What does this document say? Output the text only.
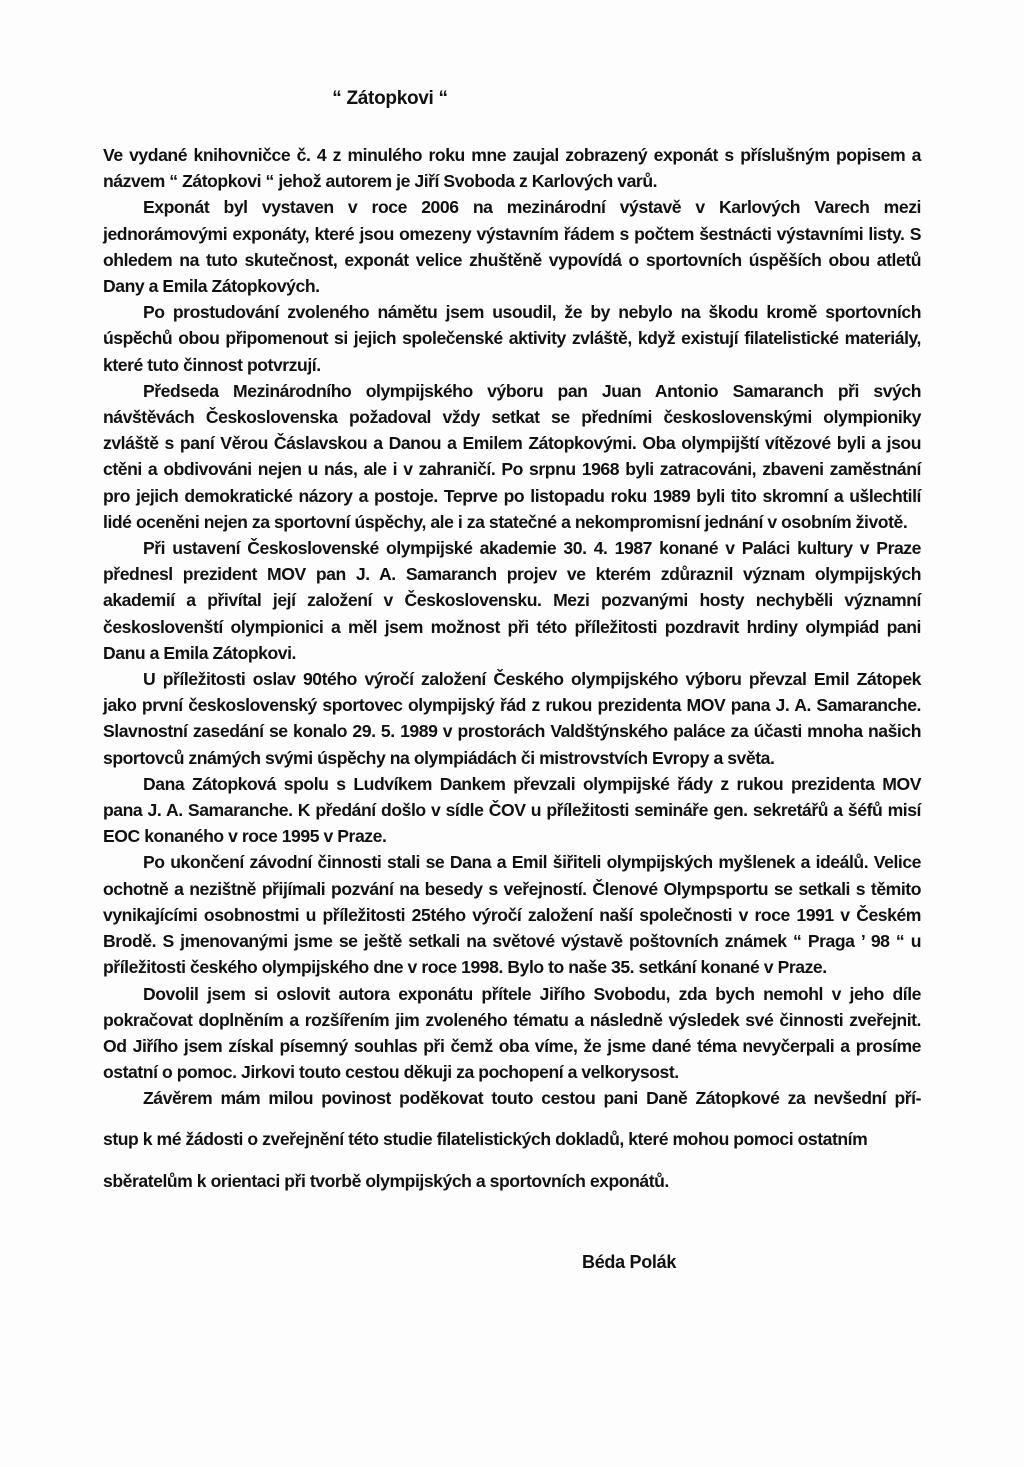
“ Zátopkovi “

Ve vydané knihovničce č. 4 z minulého roku mne zaujal zobrazený exponát s příslušným popisem a názvem “ Zátopkovi “ jehož autorem je Jiří Svoboda z Karlových varů.

Exponát byl vystaven v roce 2006 na mezinárodní výstavě v Karlových Varech mezi jednorámovými exponáty, které jsou omezeny výstavním řádem s počtem šestnácti výstavními listy. S ohledem na tuto skutečnost, exponát velice zhuštěně vypovídá o sportovních úspěších obou atletů Dany a Emila Zátopkových.

Po prostudování zvoleného námětu jsem usoudil, že by nebylo na škodu kromě sportovních úspěchů obou připomenout si jejich společenské aktivity zvláště, když existují filatelistické materiály, které tuto činnost potvrzují.

Předseda Mezinárodního olympijského výboru pan Juan Antonio Samaranch při svých návštěvách Československa požadoval vždy setkat se předními československými olympioniky zvláště s paní Věrou Čáslavskou a Danou a Emilem Zátopkovými. Oba olympijští vítězové byli a jsou ctěni a obdivováni nejen u nás, ale i v zahraničí. Po srpnu 1968 byli zatracováni, zbaveni zaměstnání pro jejich demokratické názory a postoje. Teprve po listopadu roku 1989 byli tito skromní a ušlechtilí lidé oceněni nejen za sportovní úspěchy, ale i za statečné a nekompromisní jednání v osobním životě.

Při ustavení Československé olympijské akademie 30. 4. 1987 konané v Paláci kultury v Praze přednesl prezident MOV pan J. A. Samaranch projev ve kterém zdůraznil význam olympijských akademií a přivítal její založení v Československu. Mezi pozvanými hosty nechyběli významní českoslovenští olympionici a měl jsem možnost při této příležitosti pozdravit hrdiny olympiád pani Danu a Emila Zátopkovi.

U příležitosti oslav 90tého výročí založení Českého olympijského výboru převzal Emil Zátopek jako první československý sportovec olympijský řád z rukou prezidenta MOV pana J. A. Samaranche. Slavnostní zasedání se konalo 29. 5. 1989 v prostorách Valdštýnského paláce za účasti mnoha našich sportovců známých svými úspěchy na olympiádách či mistrovstvích Evropy a světa.

Dana Zátopková spolu s Ludvíkem Dankem převzali olympijské řády z rukou prezidenta MOV pana J. A. Samaranche. K předání došlo v sídle ČOV u příležitosti semináře gen. sekretářů a šéfů misí EOC konaného v roce 1995 v Praze.

Po ukončení závodní činnosti stali se Dana a Emil šiřiteli olympijských myšlenek a ideálů. Velice ochotně a nezištně přijímali pozvání na besedy s veřejností. Členové Olympsportu se setkali s těmito vynikajícími osobnostmi u příležitosti 25tého výročí založení naší společnosti v roce 1991 v Českém Brodě. S jmenovanými jsme se ještě setkali na světové výstavě poštovních známek “ Praga ’ 98 “ u příležitosti českého olympijského dne v roce 1998. Bylo to naše 35. setkání konané v Praze.

Dovolil jsem si oslovit autora exponátu přítele Jiřího Svobodu, zda bych nemohl v jeho díle pokračovat doplněním a rozšířením jim zvoleného tématu a následně výsledek své činnosti zveřejnit. Od Jiřího jsem získal písemný souhlas při čemž oba víme, že jsme dané téma nevyčerpali a prosíme ostatní o pomoc. Jirkovi touto cestou děkuji za pochopení a velkorysost.

Závěrem mám milou povinost poděkovat touto cestou pani Daně Zátopkové za nevšední pří-

stup k mé žádosti o zveřejnění této studie filatelistických dokladů, které mohou pomoci ostatním

sběratelům k orientaci při tvorbě olympijských a sportovních exponátů.

Béda Polák
